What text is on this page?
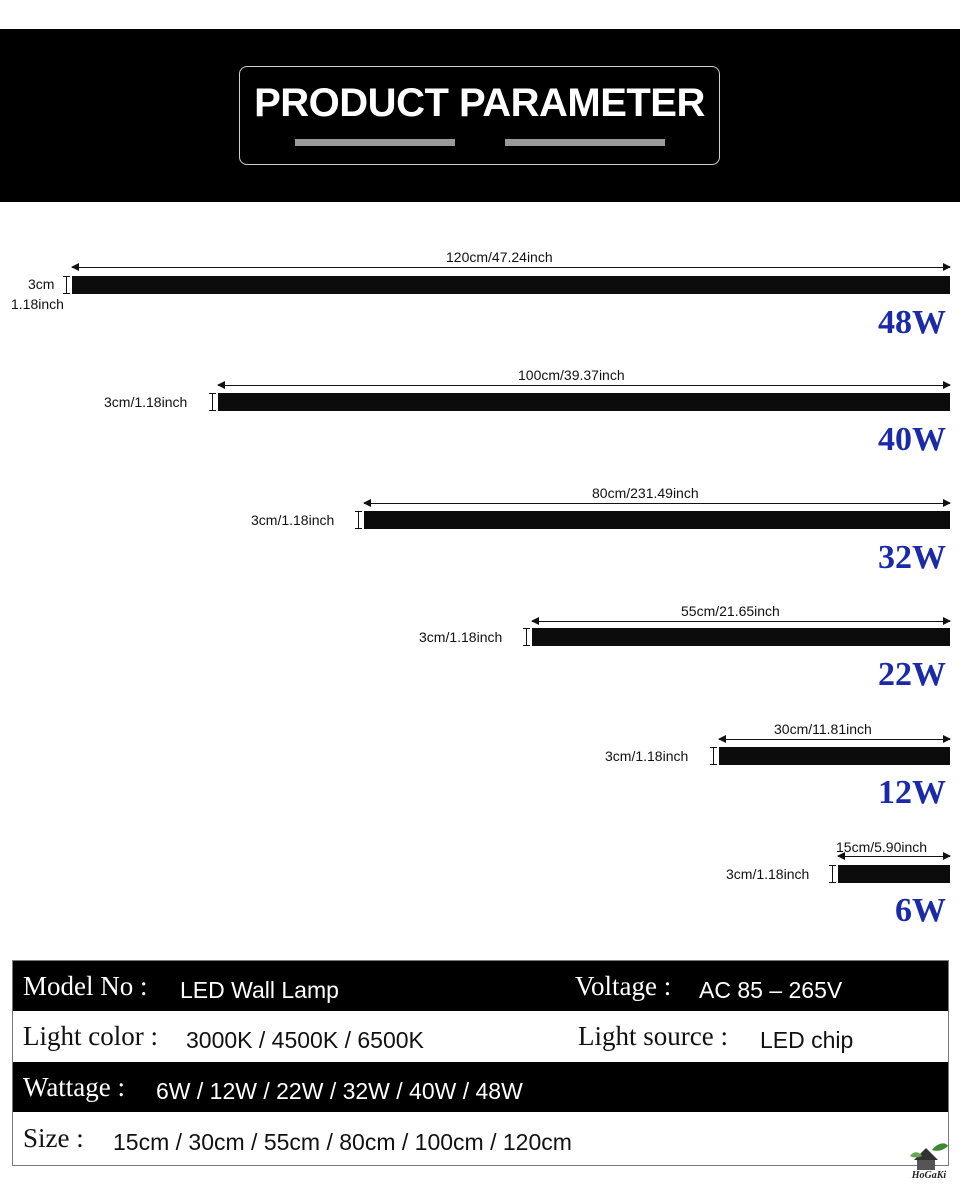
PRODUCT PARAMETER
120cm/47.24inch
3cm
1.18inch	48W
100cm/39.37inch
3cm/1.18inch
40W
80cm/231.49inch
3cm/1.18inch
32W
55cm/21.65inch
3cm/1.18inch
22W
30cm/11.81inch
3cm/1.18inch
12W
15cm/5.90inch
3cm/1.18inch
6W
Model No : LED Wall Lamp	Voltage : AC 85 – 265V
Light color : 3000K / 4500K / 6500K	Light source : LED chip
Wattage : 6W / 12W / 22W / 32W / 40W / 48W
Size : 15cm / 30cm / 55cm / 80cm / 100cm / 120cm
HoGaKi
